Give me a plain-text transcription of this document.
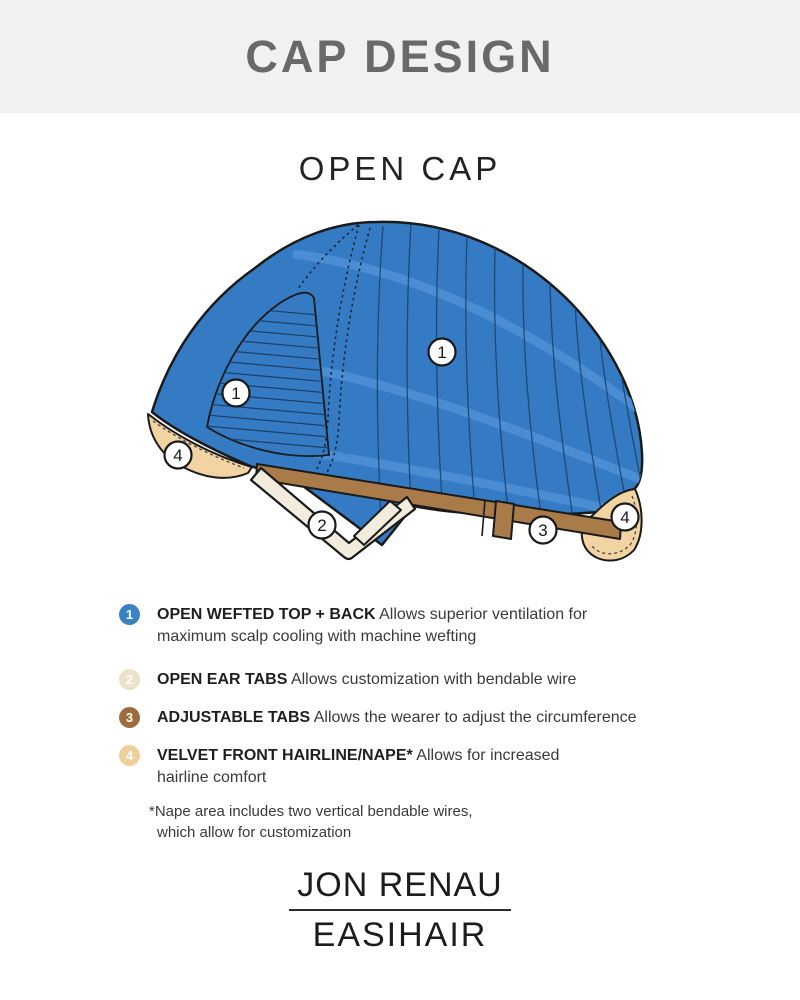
CAP DESIGN
OPEN CAP
1
1
2	3
4
4
1	OPEN WEFTED TOP + BACK Allows superior ventilation for
maximum scalp cooling with machine wefting

2	OPEN EAR TABS Allows customization with bendable wire

3	ADJUSTABLE TABS Allows the wearer to adjust the circumference

4	VELVET FRONT HAIRLINE/NAPE* Allows for increased
hairline comfort

*Nape area includes two vertical bendable wires,
which allow for customization
JON RENAU
EASIHAIR
